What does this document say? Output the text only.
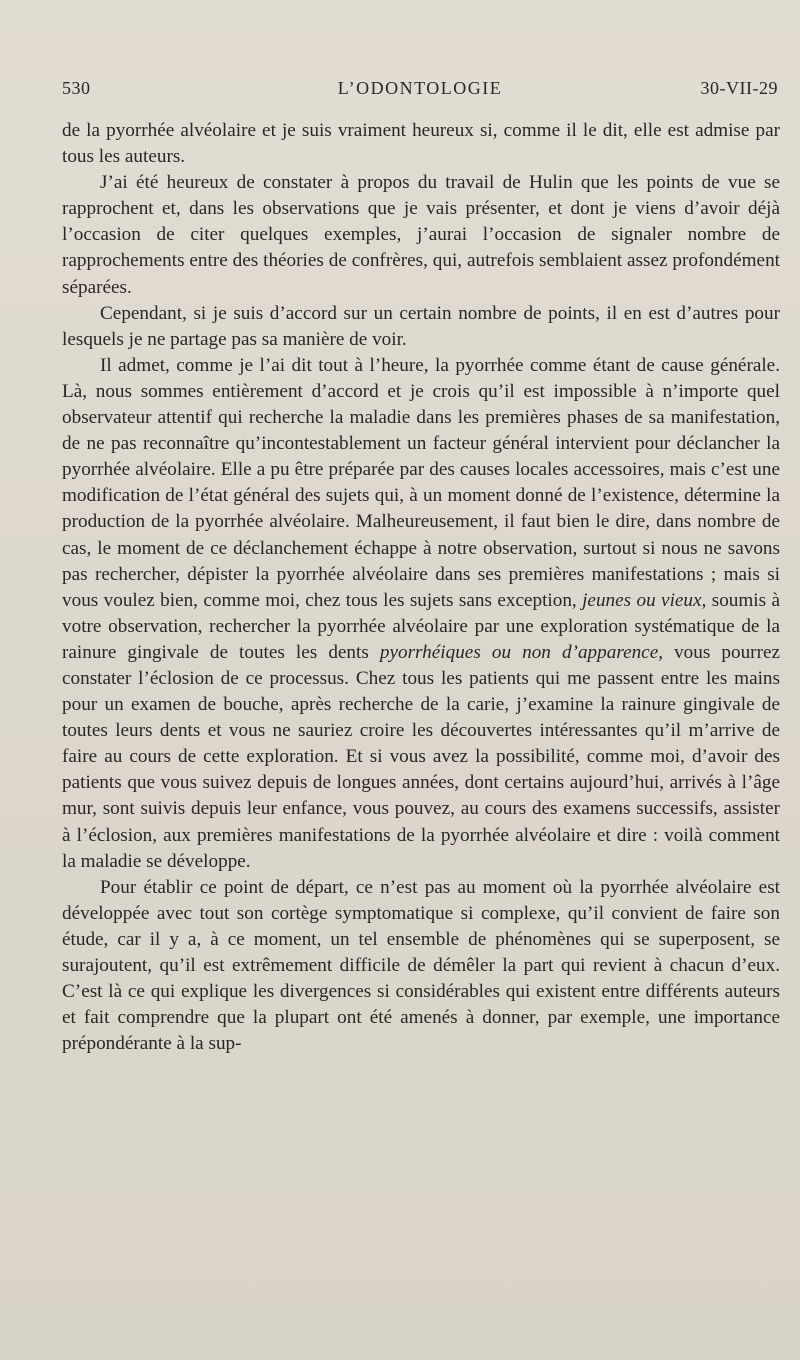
530	L’ODONTOLOGIE	30-VII-29

de la pyorrhée alvéolaire et je suis vraiment heureux si, comme il le dit, elle est admise par tous les auteurs.

J’ai été heureux de constater à propos du travail de Hulin que les points de vue se rapprochent et, dans les observations que je vais présenter, et dont je viens d’avoir déjà l’occasion de citer quelques exemples, j’aurai l’occasion de signaler nombre de rapprochements entre des théories de confrères, qui, autrefois semblaient assez profondément séparées.

Cependant, si je suis d’accord sur un certain nombre de points, il en est d’autres pour lesquels je ne partage pas sa manière de voir.

Il admet, comme je l’ai dit tout à l’heure, la pyorrhée comme étant de cause générale. Là, nous sommes entièrement d’accord et je crois qu’il est impossible à n’importe quel observateur attentif qui recherche la maladie dans les premières phases de sa manifestation, de ne pas reconnaître qu’incontestablement un facteur général intervient pour déclancher la pyorrhée alvéolaire. Elle a pu être préparée par des causes locales accessoires, mais c’est une modification de l’état général des sujets qui, à un moment donné de l’existence, détermine la production de la pyorrhée alvéolaire. Malheureusement, il faut bien le dire, dans nombre de cas, le moment de ce déclanchement échappe à notre observation, surtout si nous ne savons pas rechercher, dépister la pyorrhée alvéolaire dans ses premières manifestations ; mais si vous voulez bien, comme moi, chez tous les sujets sans exception, jeunes ou vieux, soumis à votre observation, rechercher la pyorrhée alvéolaire par une exploration systématique de la rainure gingivale de toutes les dents pyorrhéiques ou non d’apparence, vous pourrez constater l’éclosion de ce processus. Chez tous les patients qui me passent entre les mains pour un examen de bouche, après recherche de la carie, j’examine la rainure gingivale de toutes leurs dents et vous ne sauriez croire les découvertes intéressantes qu’il m’arrive de faire au cours de cette exploration. Et si vous avez la possibilité, comme moi, d’avoir des patients que vous suivez depuis de longues années, dont certains aujourd’hui, arrivés à l’âge mur, sont suivis depuis leur enfance, vous pouvez, au cours des examens successifs, assister à l’éclosion, aux premières manifestations de la pyorrhée alvéolaire et dire : voilà comment la maladie se développe.

Pour établir ce point de départ, ce n’est pas au moment où la pyorrhée alvéolaire est développée avec tout son cortège symptomatique si complexe, qu’il convient de faire son étude, car il y a, à ce moment, un tel ensemble de phénomènes qui se superposent, se surajoutent, qu’il est extrêmement difficile de démêler la part qui revient à chacun d’eux. C’est là ce qui explique les divergences si considérables qui existent entre différents auteurs et fait comprendre que la plupart ont été amenés à donner, par exemple, une importance prépondérante à la sup-
